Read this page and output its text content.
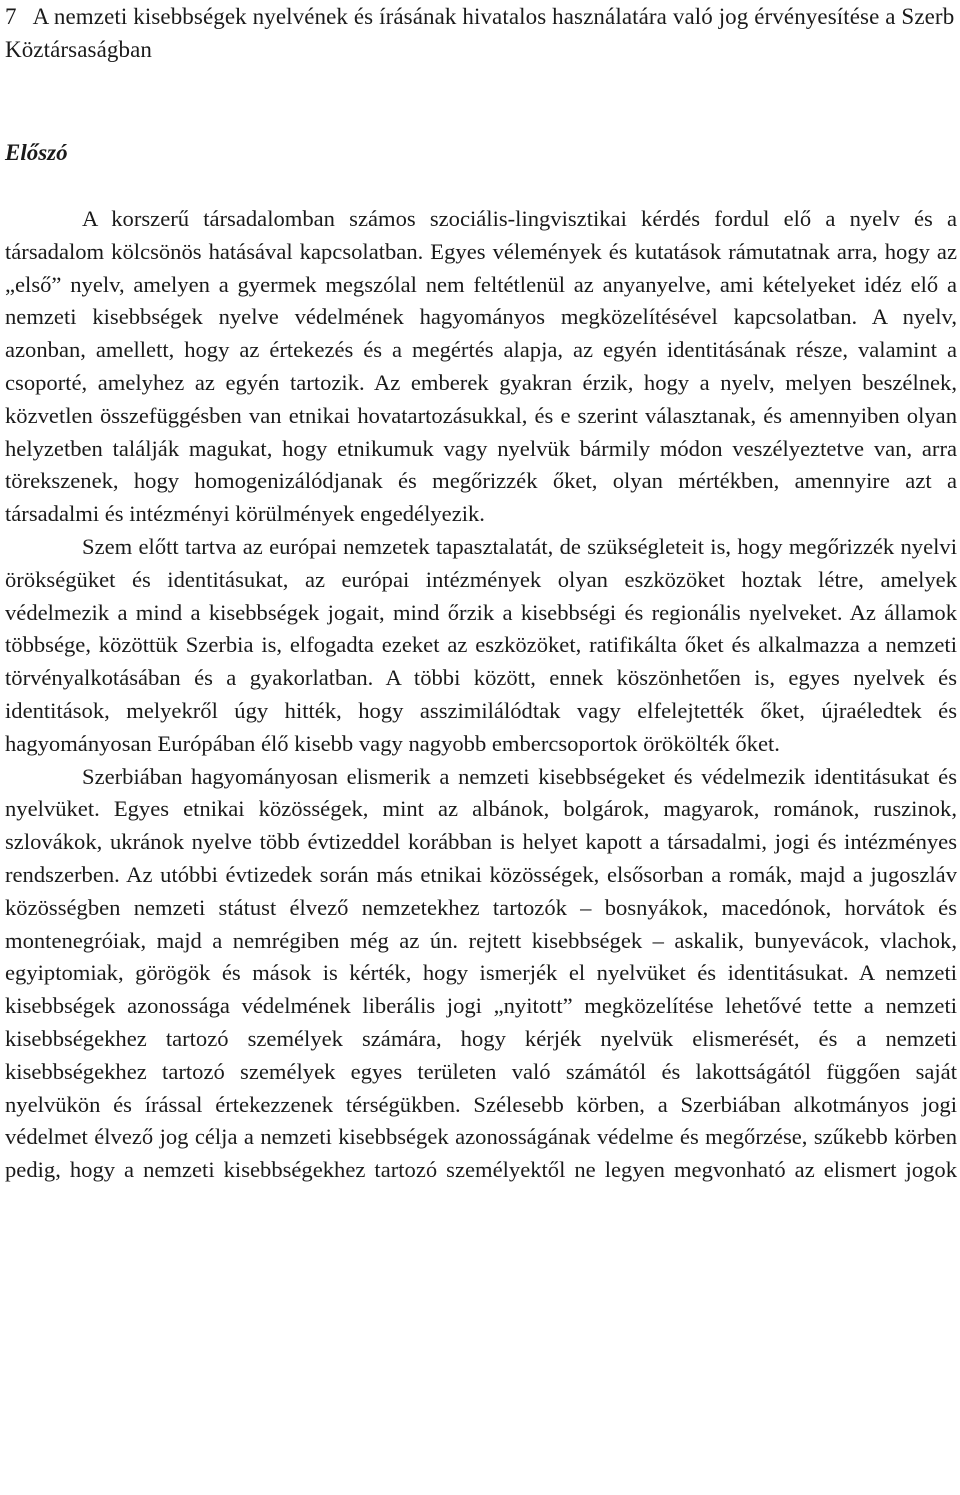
7 A nemzeti kisebbségek nyelvének és írásának hivatalos használatára való jog érvényesítése a Szerb Köztársaságban

Előszó

A korszerű társadalomban számos szociális-lingvisztikai kérdés fordul elő a nyelv és a társadalom kölcsönös hatásával kapcsolatban. Egyes vélemények és kutatások rámutatnak arra, hogy az „első” nyelv, amelyen a gyermek megszólal nem feltétlenül az anyanyelve, ami kételyeket idéz elő a nemzeti kisebbségek nyelve védelmének hagyományos megközelítésével kapcsolatban. A nyelv, azonban, amellett, hogy az értekezés és a megértés alapja, az egyén identitásának része, valamint a csoporté, amelyhez az egyén tartozik. Az emberek gyakran érzik, hogy a nyelv, melyen beszélnek, közvetlen összefüggésben van etnikai hovatartozásukkal, és e szerint választanak, és amennyiben olyan helyzetben találják magukat, hogy etnikumuk vagy nyelvük bármily módon veszélyeztetve van, arra törekszenek, hogy homogenizálódjanak és megőrizzék őket, olyan mértékben, amennyire azt a társadalmi és intézményi körülmények engedélyezik.

Szem előtt tartva az európai nemzetek tapasztalatát, de szükségleteit is, hogy megőrizzék nyelvi örökségüket és identitásukat, az európai intézmények olyan eszközöket hoztak létre, amelyek védelmezik a mind a kisebbségek jogait, mind őrzik a kisebbségi és regionális nyelveket. Az államok többsége, közöttük Szerbia is, elfogadta ezeket az eszközöket, ratifikálta őket és alkalmazza a nemzeti törvényalkotásában és a gyakorlatban. A többi között, ennek köszönhetően is, egyes nyelvek és identitások, melyekről úgy hitték, hogy asszimilálódtak vagy elfelejtették őket, újraéledtek és hagyományosan Európában élő kisebb vagy nagyobb embercsoportok örökölték őket.

Szerbiában hagyományosan elismerik a nemzeti kisebbségeket és védelmezik identitásukat és nyelvüket. Egyes etnikai közösségek, mint az albánok, bolgárok, magyarok, románok, ruszinok, szlovákok, ukránok nyelve több évtizeddel korábban is helyet kapott a társadalmi, jogi és intézményes rendszerben. Az utóbbi évtizedek során más etnikai közösségek, elsősorban a romák, majd a jugoszláv közösségben nemzeti státust élvező nemzetekhez tartozók – bosnyákok, macedónok, horvátok és montenegróiak, majd a nemrégiben még az ún. rejtett kisebbségek – askalik, bunyevácok, vlachok, egyiptomiak, görögök és mások is kérték, hogy ismerjék el nyelvüket és identitásukat. A nemzeti kisebbségek azonossága védelmének liberális jogi „nyitott” megközelítése lehetővé tette a nemzeti kisebbségekhez tartozó személyek számára, hogy kérjék nyelvük elismerését, és a nemzeti kisebbségekhez tartozó személyek egyes területen való számától és lakottságától függően saját nyelvükön és írással értekezzenek térségükben. Szélesebb körben, a Szerbiában alkotmányos jogi védelmet élvező jog célja a nemzeti kisebbségek azonosságának védelme és megőrzése, szűkebb körben pedig, hogy a nemzeti kisebbségekhez tartozó személyektől ne legyen megvonható az elismert jogok
